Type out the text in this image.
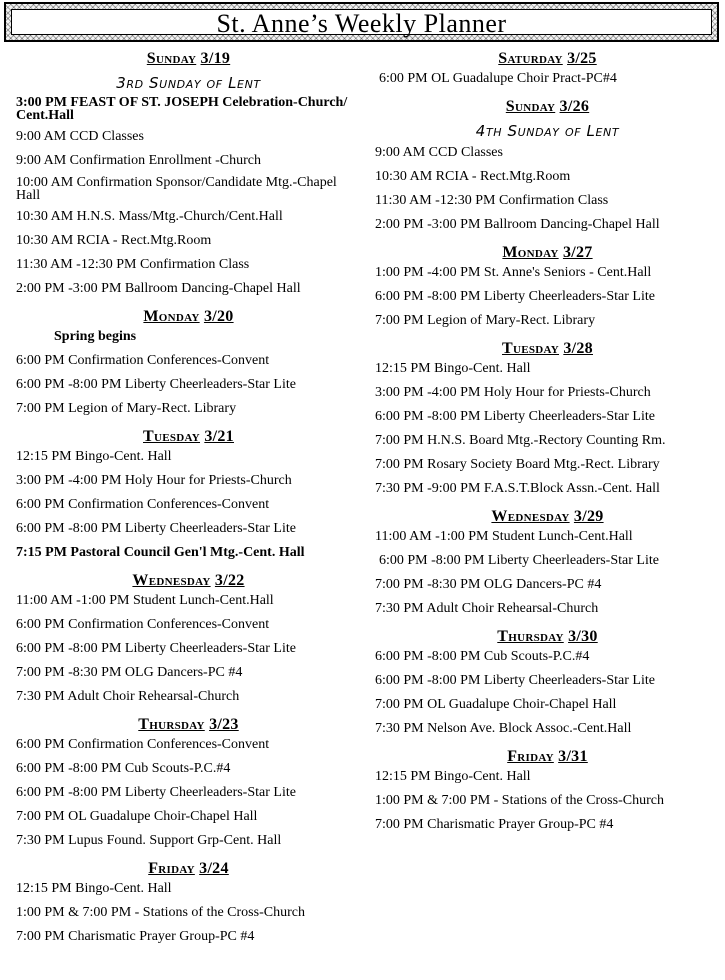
St. Anne’s Weekly Planner
Sunday 3/19
3rd Sunday of Lent
3:00 PM FEAST OF ST. JOSEPH Celebration-Church/ Cent.Hall
9:00 AM CCD Classes
9:00 AM Confirmation Enrollment -Church
10:00 AM Confirmation Sponsor/Candidate Mtg.-Chapel Hall
10:30 AM H.N.S. Mass/Mtg.-Church/Cent.Hall
10:30 AM RCIA - Rect.Mtg.Room
11:30 AM -12:30 PM Confirmation Class
2:00 PM -3:00 PM Ballroom Dancing-Chapel Hall
Monday 3/20
Spring begins
6:00 PM Confirmation Conferences-Convent
6:00 PM -8:00 PM Liberty Cheerleaders-Star Lite
7:00 PM Legion of Mary-Rect. Library
Tuesday 3/21
12:15 PM Bingo-Cent. Hall
3:00 PM -4:00 PM Holy Hour for Priests-Church
6:00 PM Confirmation Conferences-Convent
6:00 PM -8:00 PM Liberty Cheerleaders-Star Lite
7:15 PM Pastoral Council Gen'l Mtg.-Cent. Hall
Wednesday 3/22
11:00 AM -1:00 PM Student Lunch-Cent.Hall
6:00 PM Confirmation Conferences-Convent
6:00 PM -8:00 PM Liberty Cheerleaders-Star Lite
7:00 PM -8:30 PM OLG Dancers-PC #4
7:30 PM Adult Choir Rehearsal-Church
Thursday 3/23
6:00 PM Confirmation Conferences-Convent
6:00 PM -8:00 PM Cub Scouts-P.C.#4
6:00 PM -8:00 PM Liberty Cheerleaders-Star Lite
7:00 PM OL Guadalupe Choir-Chapel Hall
7:30 PM Lupus Found. Support Grp-Cent. Hall
Friday 3/24
12:15 PM Bingo-Cent. Hall
1:00 PM & 7:00 PM - Stations of the Cross-Church
7:00 PM Charismatic Prayer Group-PC #4
Saturday 3/25
6:00 PM OL Guadalupe Choir Pract-PC#4
Sunday 3/26
4th Sunday of Lent
9:00 AM CCD Classes
10:30 AM RCIA - Rect.Mtg.Room
11:30 AM -12:30 PM Confirmation Class
2:00 PM -3:00 PM Ballroom Dancing-Chapel Hall
Monday 3/27
1:00 PM -4:00 PM St. Anne's Seniors - Cent.Hall
6:00 PM -8:00 PM Liberty Cheerleaders-Star Lite
7:00 PM Legion of Mary-Rect. Library
Tuesday 3/28
12:15 PM Bingo-Cent. Hall
3:00 PM -4:00 PM Holy Hour for Priests-Church
6:00 PM -8:00 PM Liberty Cheerleaders-Star Lite
7:00 PM H.N.S. Board Mtg.-Rectory Counting Rm.
7:00 PM Rosary Society Board Mtg.-Rect. Library
7:30 PM -9:00 PM F.A.S.T.Block Assn.-Cent. Hall
Wednesday 3/29
11:00 AM -1:00 PM Student Lunch-Cent.Hall
6:00 PM -8:00 PM Liberty Cheerleaders-Star Lite
7:00 PM -8:30 PM OLG Dancers-PC #4
7:30 PM Adult Choir Rehearsal-Church
Thursday 3/30
6:00 PM -8:00 PM Cub Scouts-P.C.#4
6:00 PM -8:00 PM Liberty Cheerleaders-Star Lite
7:00 PM OL Guadalupe Choir-Chapel Hall
7:30 PM Nelson Ave. Block Assoc.-Cent.Hall
Friday 3/31
12:15 PM Bingo-Cent. Hall
1:00 PM & 7:00 PM - Stations of the Cross-Church
7:00 PM Charismatic Prayer Group-PC #4
